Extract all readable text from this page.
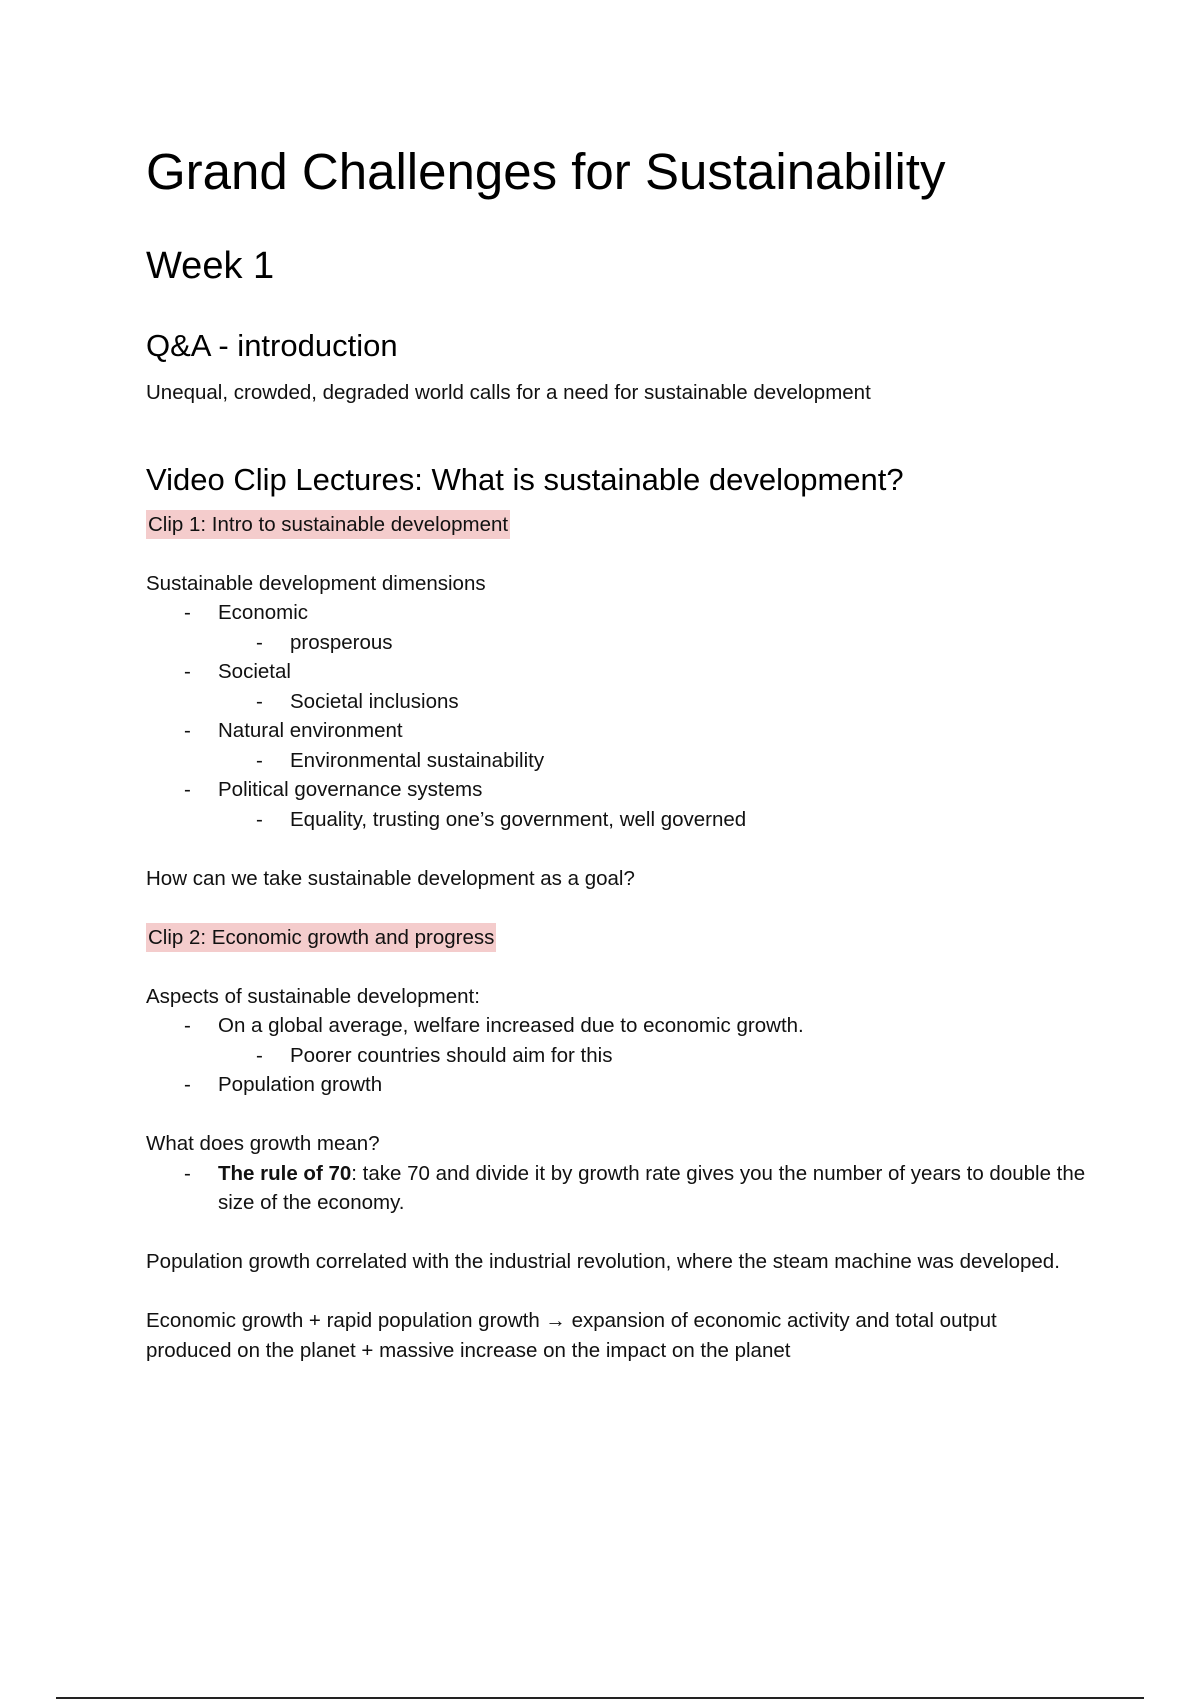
Grand Challenges for Sustainability
Week 1
Q&A - introduction

Unequal, crowded, degraded world calls for a need for sustainable development

Video Clip Lectures: What is sustainable development?

Clip 1: Intro to sustainable development

Sustainable development dimensions

- Economic
- prosperous
- Societal
- Societal inclusions
- Natural environment
- Environmental sustainability
- Political governance systems
- Equality, trusting one’s government, well governed

How can we take sustainable development as a goal?

Clip 2: Economic growth and progress

Aspects of sustainable development:

- On a global average, welfare increased due to economic growth.
- Poorer countries should aim for this
- Population growth

What does growth mean?

- The rule of 70: take 70 and divide it by growth rate gives you the number of years to double the size of the economy.

Population growth correlated with the industrial revolution, where the steam machine was developed.

Economic growth + rapid population growth → expansion of economic activity and total output produced on the planet + massive increase on the impact on the planet
